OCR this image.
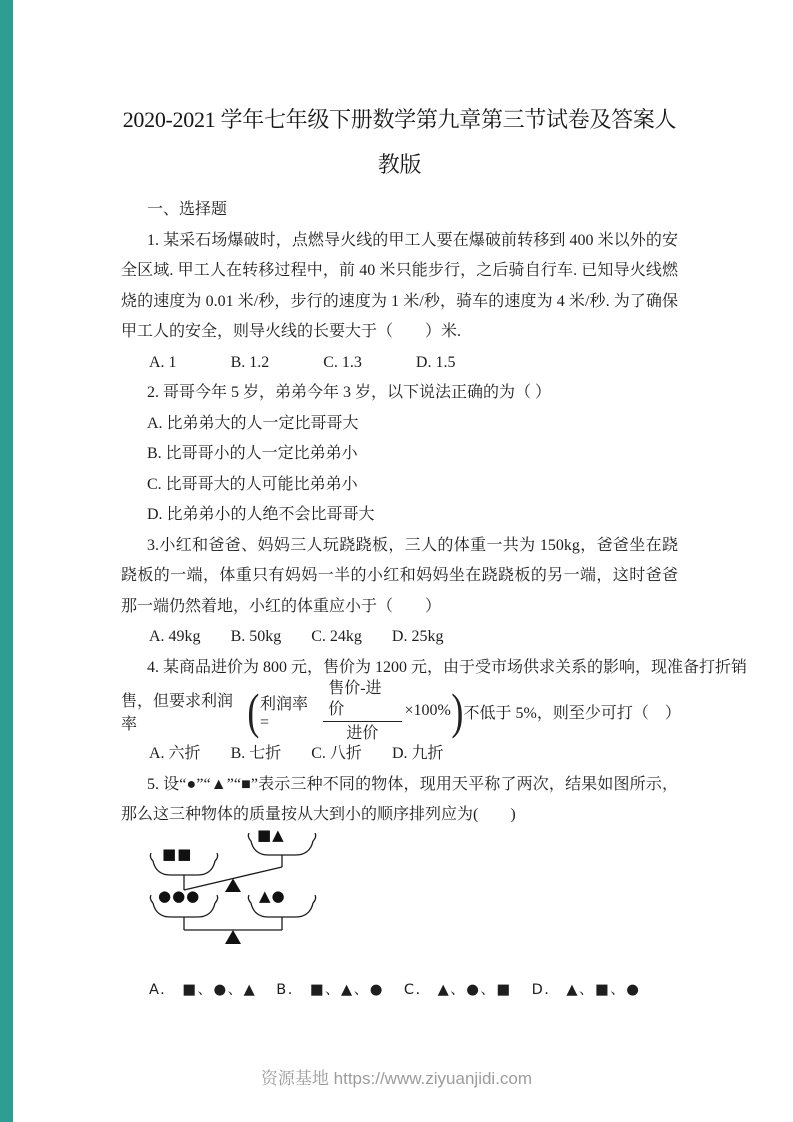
2020-2021 学年七年级下册数学第九章第三节试卷及答案人
教版
一、选择题

1. 某采石场爆破时，点燃导火线的甲工人要在爆破前转移到 400 米以外的安全区域. 甲工人在转移过程中，前 40 米只能步行，之后骑自行车. 已知导火线燃烧的速度为 0.01 米/秒，步行的速度为 1 米/秒，骑车的速度为 4 米/秒. 为了确保甲工人的安全，则导火线的长要大于（　　）米.

A. 1	B. 1.2	C. 1.3	D. 1.5

2. 哥哥今年 5 岁，弟弟今年 3 岁，以下说法正确的为（ ）

A. 比弟弟大的人一定比哥哥大
B. 比哥哥小的人一定比弟弟小
C. 比哥哥大的人可能比弟弟小
D. 比弟弟小的人绝不会比哥哥大

3.小红和爸爸、妈妈三人玩跷跷板，三人的体重一共为 150kg，爸爸坐在跷跷板的一端，体重只有妈妈一半的小红和妈妈坐在跷跷板的另一端，这时爸爸那一端仍然着地，小红的体重应小于（　　）

A. 49kg B. 50kg C. 24kg D. 25kg

4. 某商品进价为 800 元，售价为 1200 元，由于受市场供求关系的影响，现准备打折销

售，但要求利润率	( 利润率 =	$\frac{\text{售价-进价}}{\text{进价}} \times 100\%$ ) 不低于 5%，则至少可打（　）
A. 六折 B. 七折 C. 八折 D. 九折

5. 设“●”“▲”“■”表示三种不同的物体，现用天平称了两次，结果如图所示，那么这三种物体的质量按从大到小的顺序排列应为(　　)

■■
■▲
●●●	▲●
A.　■、●、▲ B.　■、▲、● C.　▲、●、■ D.　▲、■、●
资源基地 https://www.ziyuanjidi.com
